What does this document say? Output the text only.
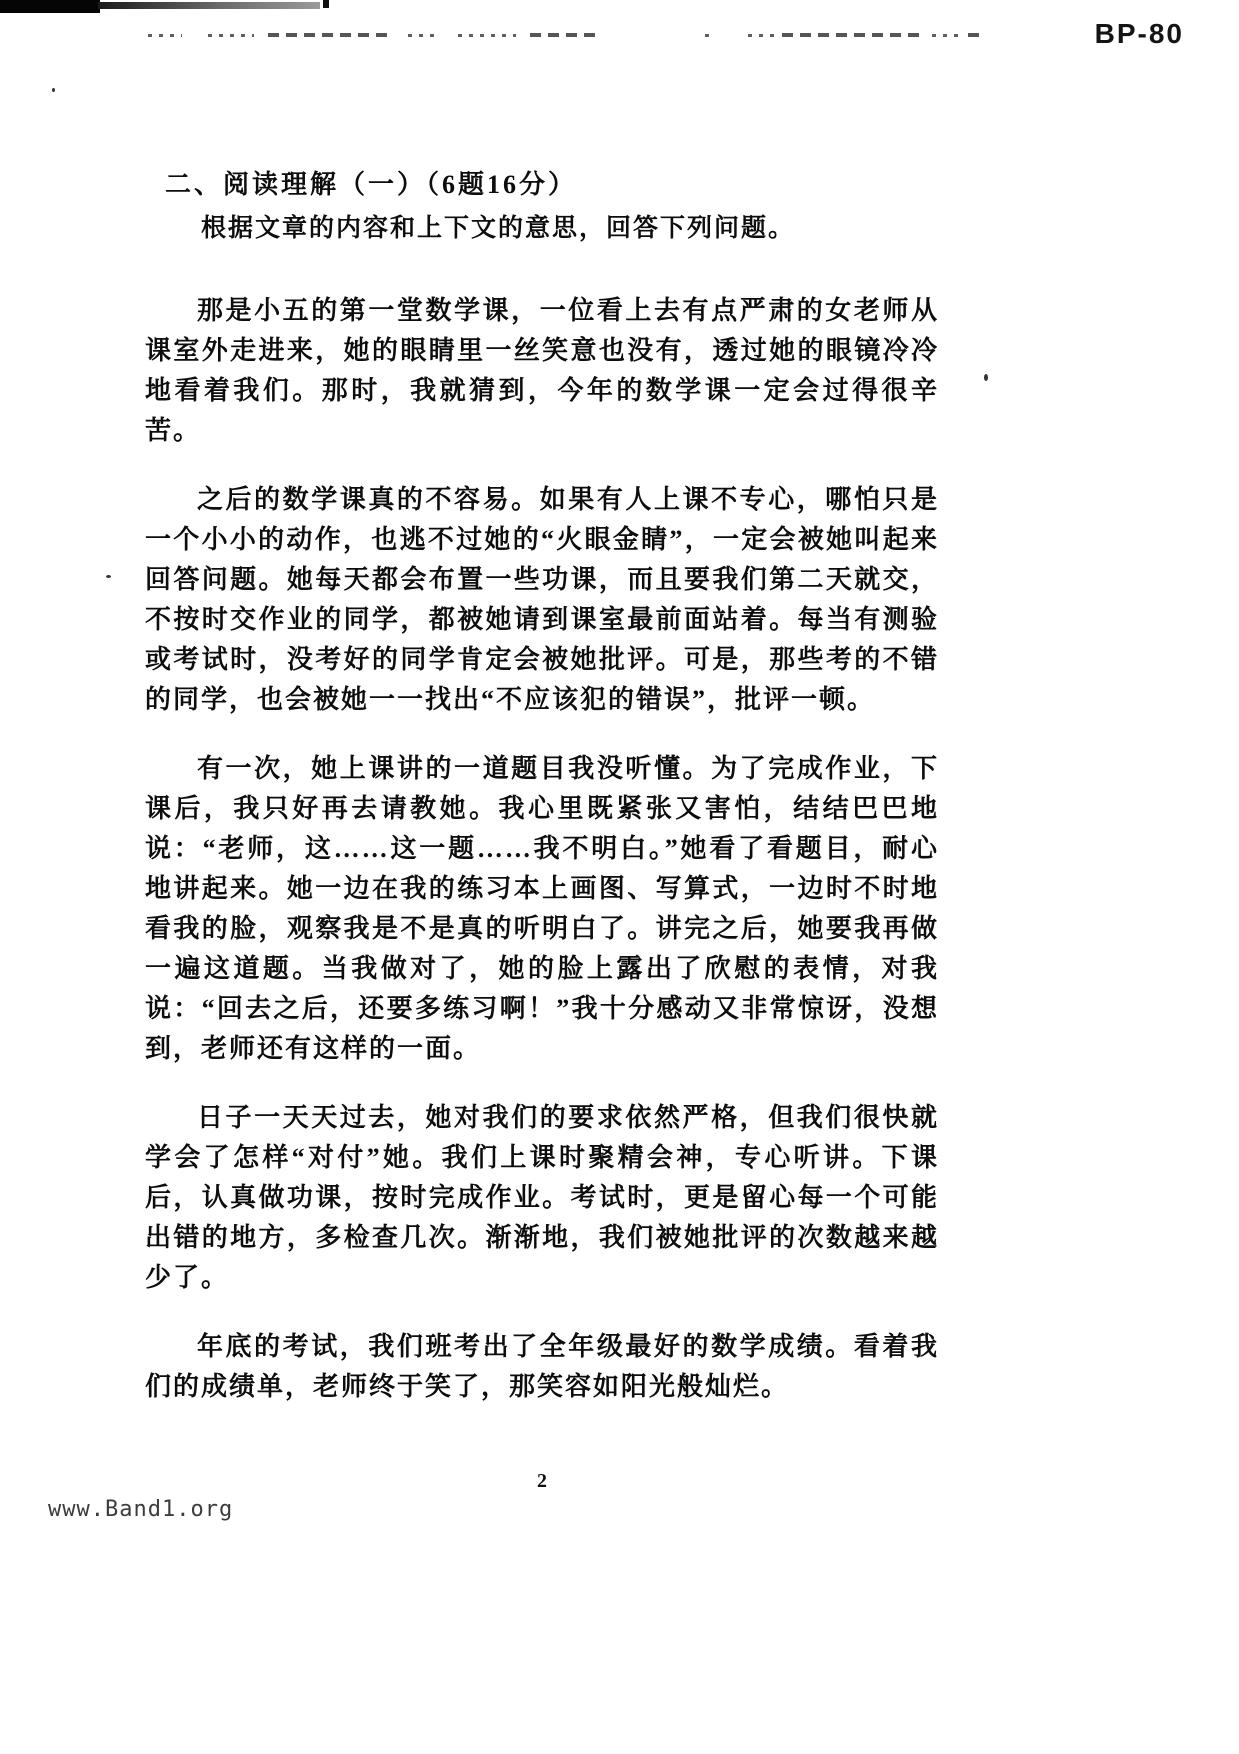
BP-80
二、阅读理解（一）（6题16分）

根据文章的内容和上下文的意思，回答下列问题。

那是小五的第一堂数学课，一位看上去有点严肃的女老师从课室外走进来，她的眼睛里一丝笑意也没有，透过她的眼镜冷冷地看着我们。那时，我就猜到，今年的数学课一定会过得很辛苦。

之后的数学课真的不容易。如果有人上课不专心，哪怕只是一个小小的动作，也逃不过她的“火眼金睛”，一定会被她叫起来回答问题。她每天都会布置一些功课，而且要我们第二天就交，不按时交作业的同学，都被她请到课室最前面站着。每当有测验或考试时，没考好的同学肯定会被她批评。可是，那些考的不错的同学，也会被她一一找出“不应该犯的错误”，批评一顿。

有一次，她上课讲的一道题目我没听懂。为了完成作业，下课后，我只好再去请教她。我心里既紧张又害怕，结结巴巴地说：“老师，这……这一题……我不明白。”她看了看题目，耐心地讲起来。她一边在我的练习本上画图、写算式，一边时不时地看我的脸，观察我是不是真的听明白了。讲完之后，她要我再做一遍这道题。当我做对了，她的脸上露出了欣慰的表情，对我说：“回去之后，还要多练习啊！”我十分感动又非常惊讶，没想到，老师还有这样的一面。

日子一天天过去，她对我们的要求依然严格，但我们很快就学会了怎样“对付”她。我们上课时聚精会神，专心听讲。下课后，认真做功课，按时完成作业。考试时，更是留心每一个可能出错的地方，多检查几次。渐渐地，我们被她批评的次数越来越少了。

年底的考试，我们班考出了全年级最好的数学成绩。看着我们的成绩单，老师终于笑了，那笑容如阳光般灿烂。

2
www.Band1.org
